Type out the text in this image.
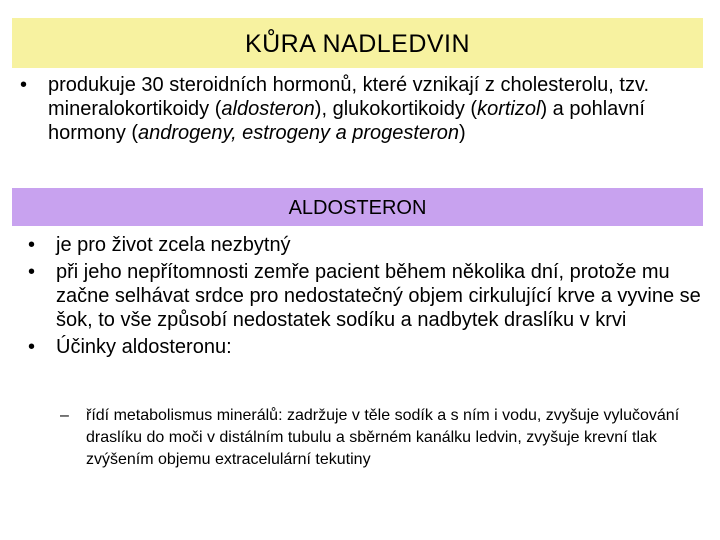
KŮRA NADLEDVIN
• produkuje 30 steroidních hormonů, které vznikají z cholesterolu, tzv. mineralokortikoidy (aldosteron), glukokortikoidy (kortizol) a pohlavní hormony (androgeny, estrogeny a progesteron)
ALDOSTERON
• je pro život zcela nezbytný
• při jeho nepřítomnosti zemře pacient během několika dní, protože mu začne selhávat srdce pro nedostatečný objem cirkulující krve a vyvine se šok, to vše způsobí nedostatek sodíku a nadbytek draslíku v krvi
• Účinky aldosteronu:
– řídí metabolismus minerálů: zadržuje v těle sodík a s ním i vodu, zvyšuje vylučování draslíku do moči v distálním tubulu a sběrném kanálku ledvin, zvyšuje krevní tlak zvýšením objemu extracelulární tekutiny
